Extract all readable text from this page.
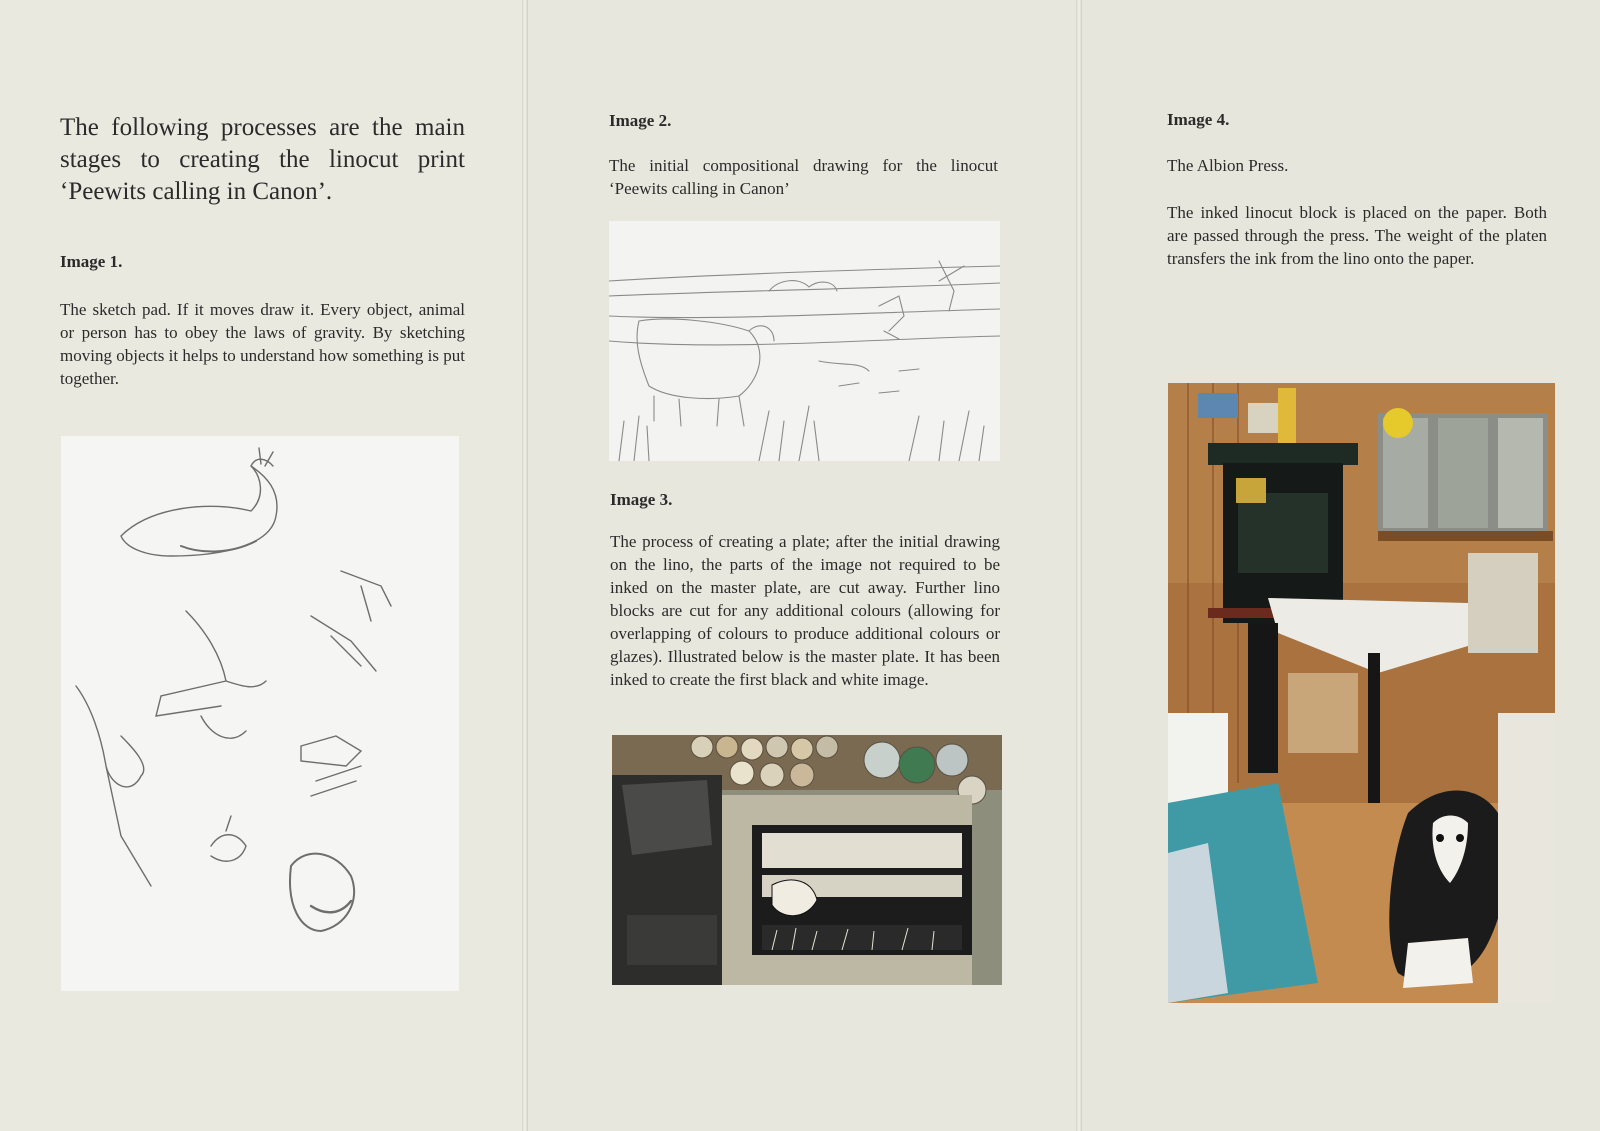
The following processes are the main stages to creating the linocut print ‘Peewits calling in Canon’.

Image 1.

The sketch pad. If it moves draw it. Every object, animal or person has to obey the laws of gravity. By sketching moving objects it helps to understand how something is put together.

Image 2.

The initial compositional drawing for the linocut ‘Peewits calling in Canon’

Image 3.

The process of creating a plate; after the initial drawing on the lino, the parts of the image not required to be inked on the master plate, are cut away. Further lino blocks are cut for any additional colours (allowing for overlapping of colours to produce additional colours or glazes). Illustrated below is the master plate. It has been inked to create the first black and white image.

Image 4.

The Albion Press.

The inked linocut block is placed on the paper. Both are passed through the press. The weight of the platen transfers the ink from the lino onto the paper.
